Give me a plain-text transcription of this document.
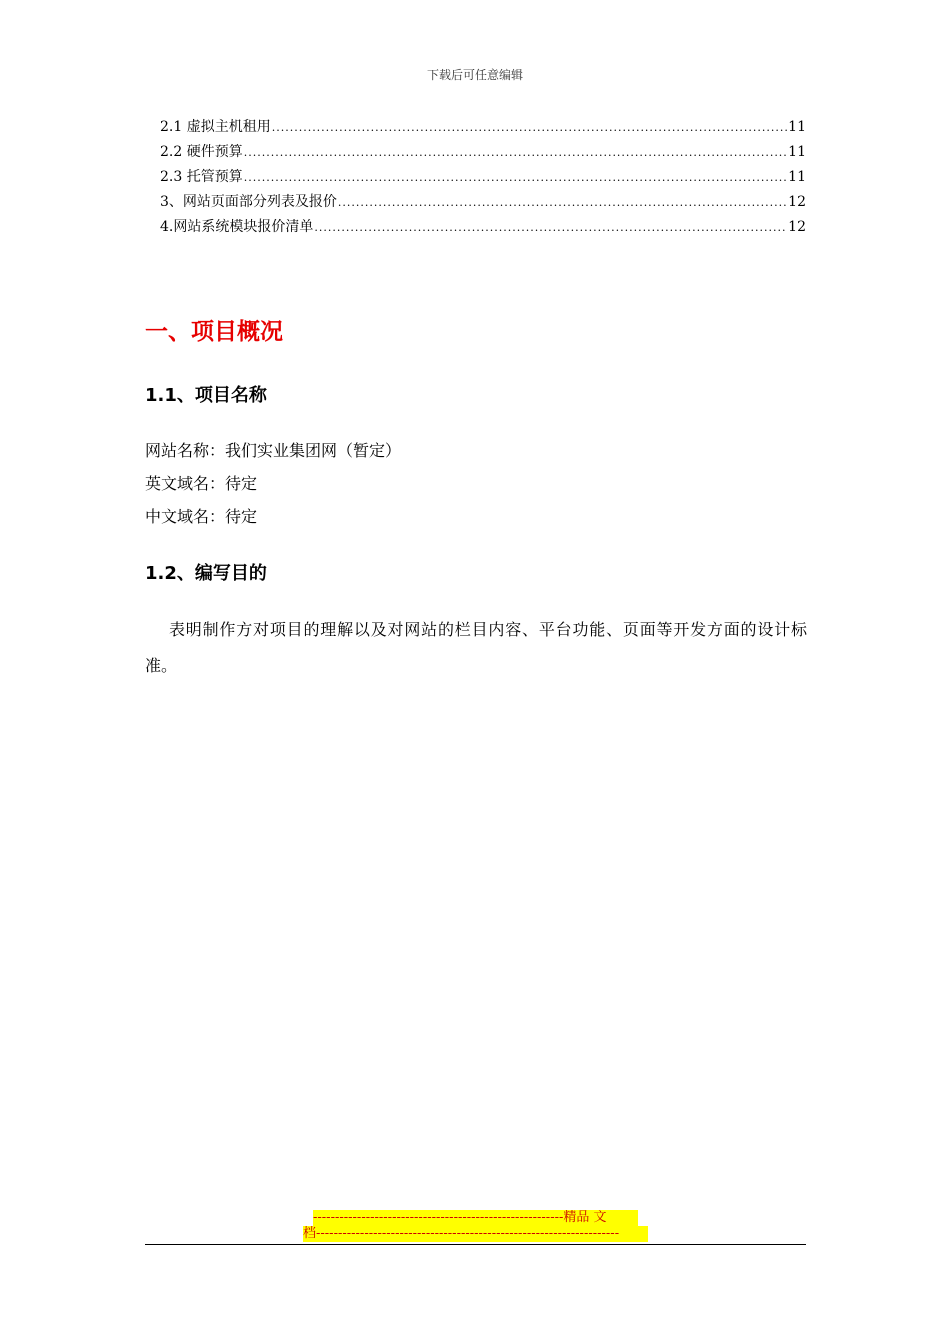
下载后可任意编辑
2.1 虚拟主机租用 .....	11
2.2 硬件预算 .....	11
2.3 托管预算 .....	11
3、网站页面部分列表及报价 .....	12
4.网站系统模块报价清单 .....	12
一、项目概况
1.1、项目名称
网站名称：我们实业集团网（暂定）
英文域名：待定
中文域名：待定
1.2、编写目的
表明制作方对项目的理解以及对网站的栏目内容、平台功能、页面等开发方面的设计标准。
---------------------------------------------------------精品 文
档---------------------------------------------------------------------
